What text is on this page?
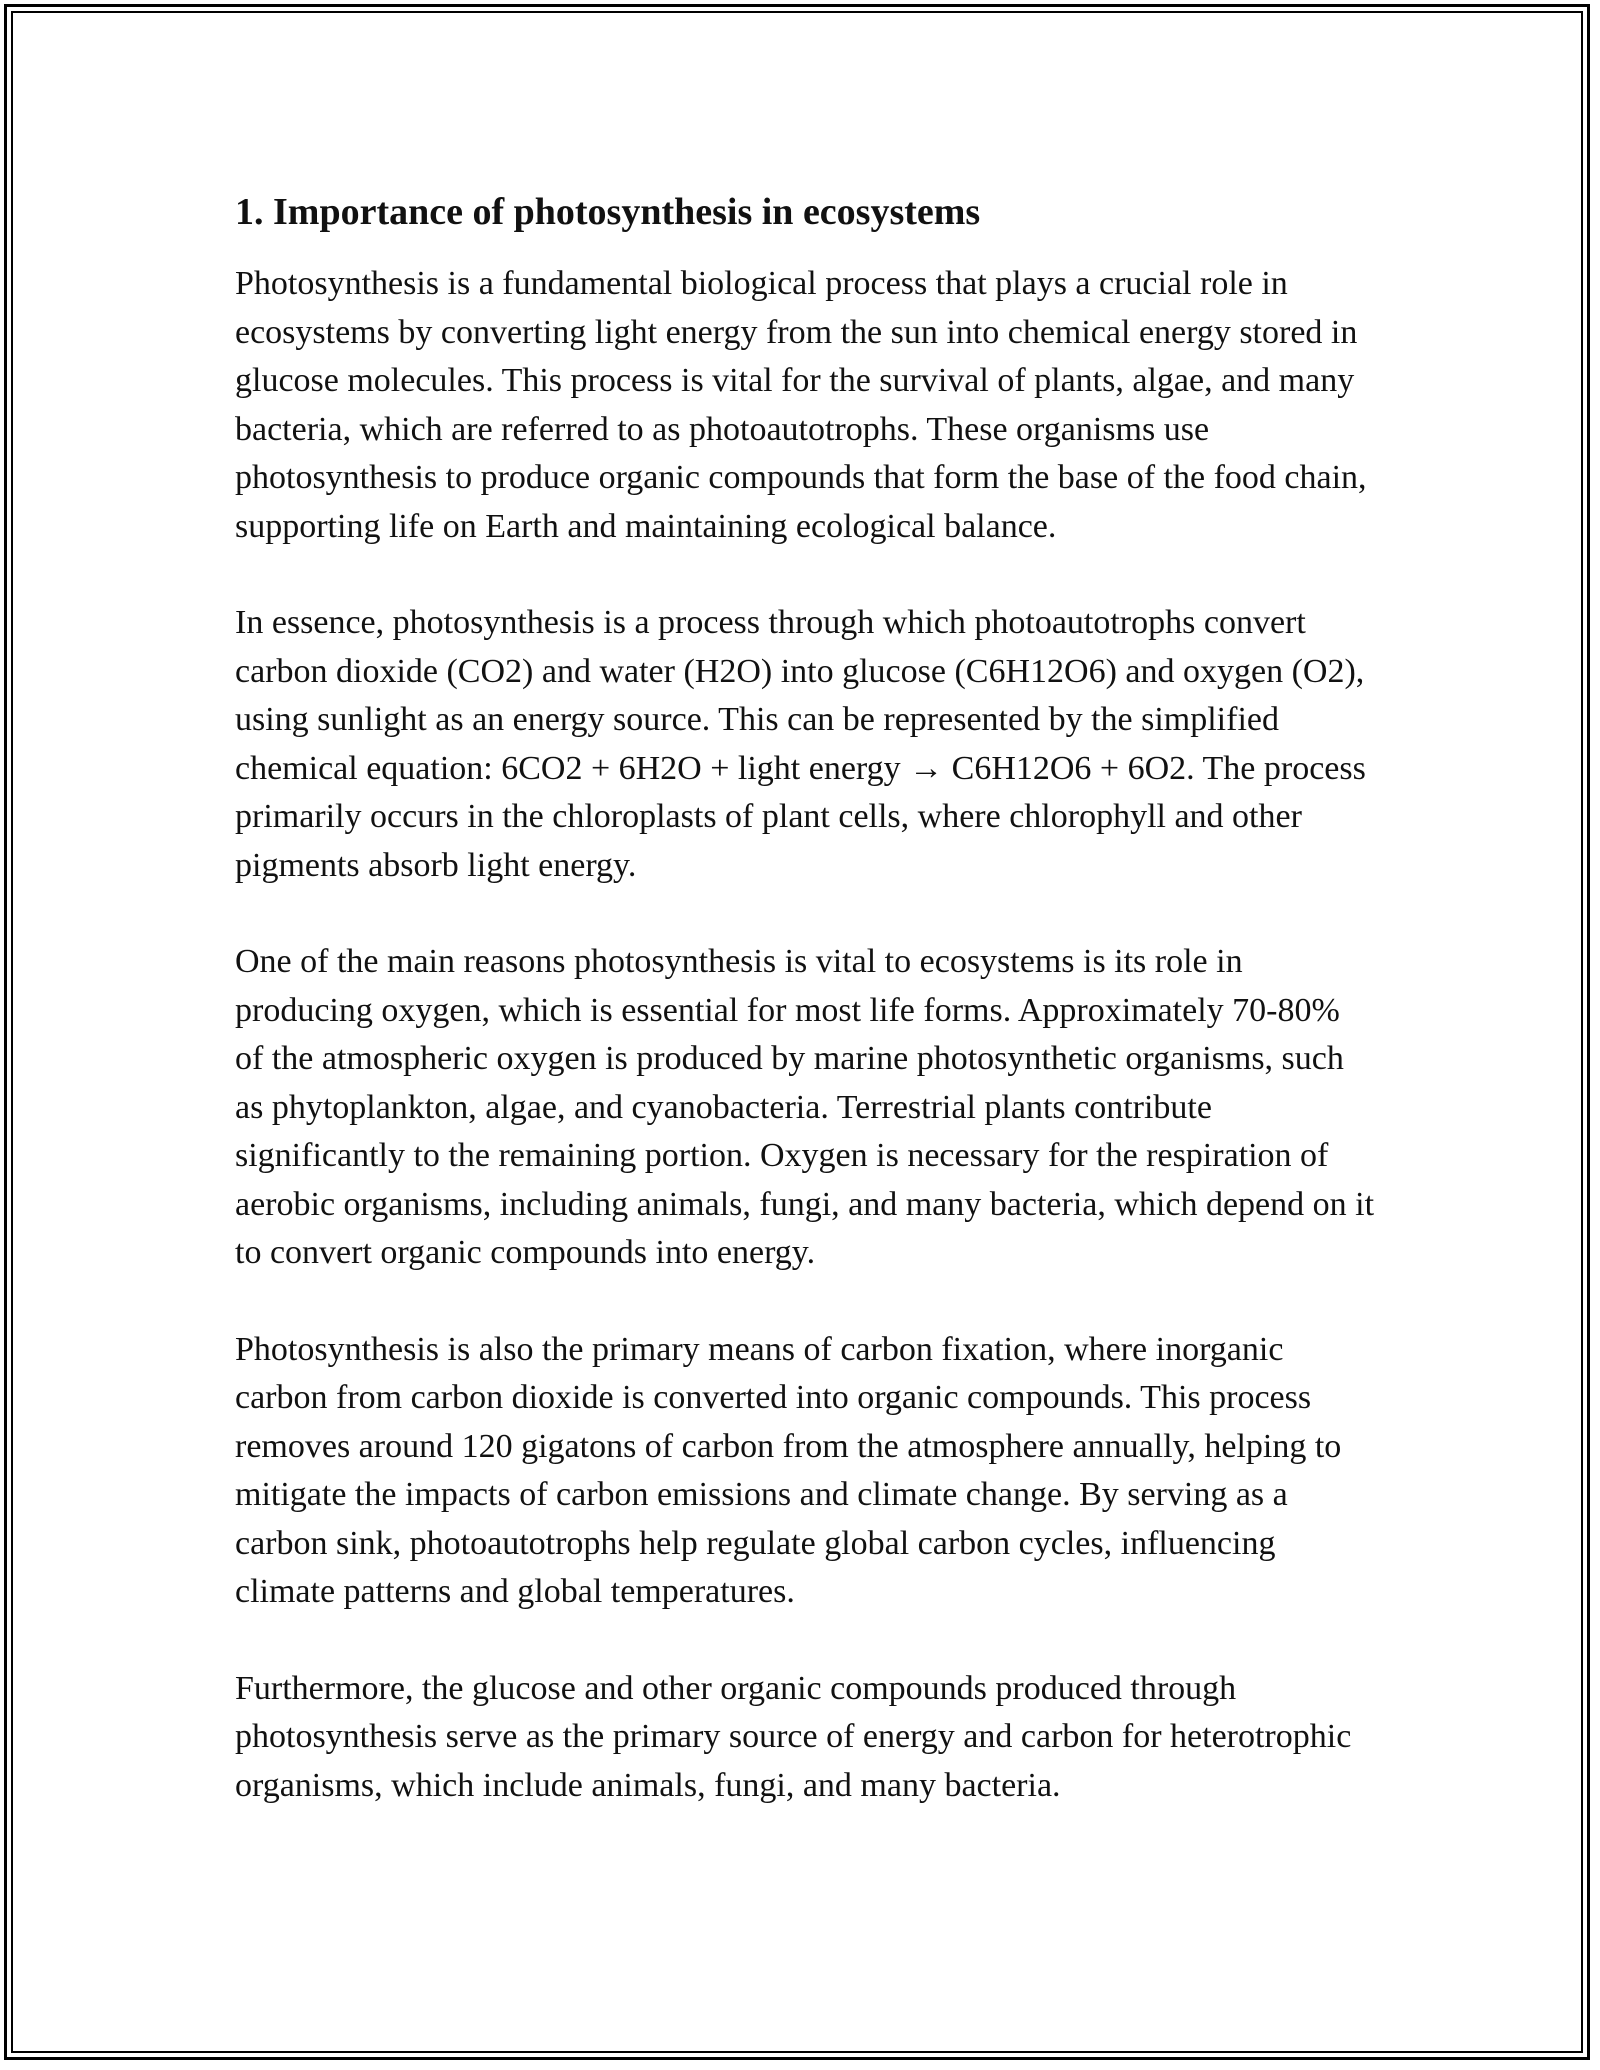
1. Importance of photosynthesis in ecosystems

Photosynthesis is a fundamental biological process that plays a crucial role in ecosystems by converting light energy from the sun into chemical energy stored in glucose molecules. This process is vital for the survival of plants, algae, and many bacteria, which are referred to as photoautotrophs. These organisms use photosynthesis to produce organic compounds that form the base of the food chain, supporting life on Earth and maintaining ecological balance.

In essence, photosynthesis is a process through which photoautotrophs convert carbon dioxide (CO2) and water (H2O) into glucose (C6H12O6) and oxygen (O2), using sunlight as an energy source. This can be represented by the simplified chemical equation: 6CO2 + 6H2O + light energy → C6H12O6 + 6O2. The process primarily occurs in the chloroplasts of plant cells, where chlorophyll and other pigments absorb light energy.

One of the main reasons photosynthesis is vital to ecosystems is its role in producing oxygen, which is essential for most life forms. Approximately 70-80% of the atmospheric oxygen is produced by marine photosynthetic organisms, such as phytoplankton, algae, and cyanobacteria. Terrestrial plants contribute significantly to the remaining portion. Oxygen is necessary for the respiration of aerobic organisms, including animals, fungi, and many bacteria, which depend on it to convert organic compounds into energy.

Photosynthesis is also the primary means of carbon fixation, where inorganic carbon from carbon dioxide is converted into organic compounds. This process removes around 120 gigatons of carbon from the atmosphere annually, helping to mitigate the impacts of carbon emissions and climate change. By serving as a carbon sink, photoautotrophs help regulate global carbon cycles, influencing climate patterns and global temperatures.

Furthermore, the glucose and other organic compounds produced through photosynthesis serve as the primary source of energy and carbon for heterotrophic organisms, which include animals, fungi, and many bacteria.
